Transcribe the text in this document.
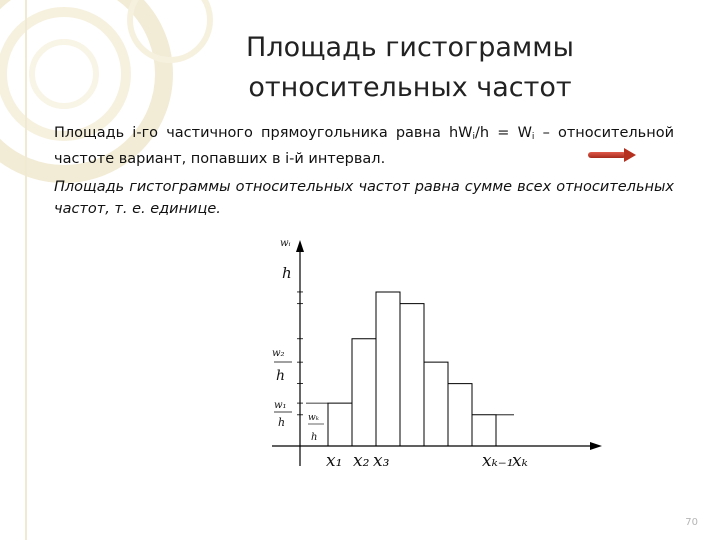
Площадь гистограммы
относительных частот
Площадь i-го частичного прямоугольника равна $hW_i/h = W_i$ – относительной частоте вариант, попавших в i-й интервал.
Площадь гистограммы относительных частот равна сумме всех относительных частот, т. е. единице.
wᵢ
h
w₂
h
w₁
h	wₖ
h
x₁ x₂ x₃	xₖ₋₁
xₖ
70
